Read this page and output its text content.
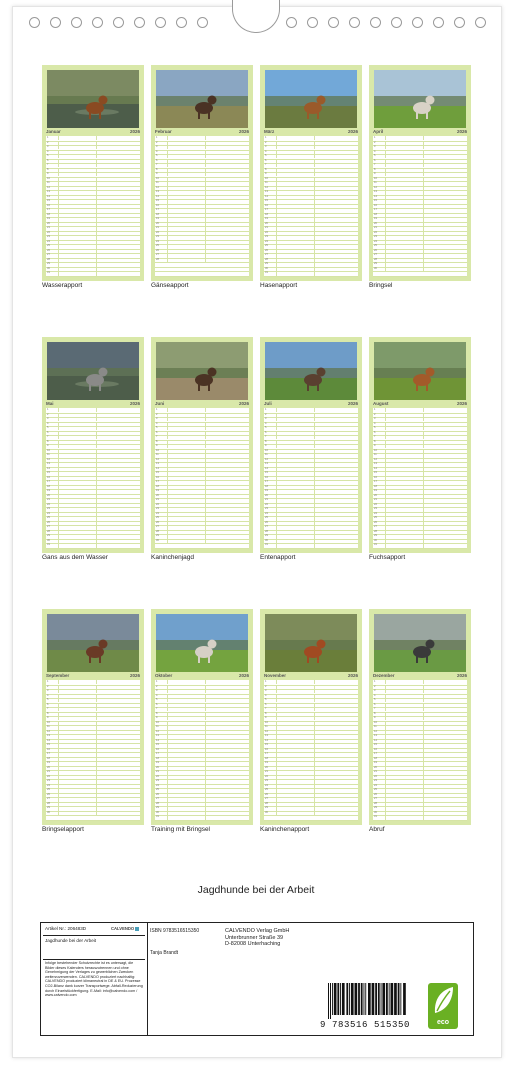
Januar	2026
1
2
3
4
5
6
7
8
9
10
11
12
13
14
15
16
17
18
19
20
21
22
23
24
25
26
27
28
29
30
31
Wasserapport
Februar	2026
1
2
3
4
5
6
7
8
9
10
11
12
13
14
15
16
17
18
19
20
21
22
23
24
25
26
27
28
Gänseapport
März	2026
1
2
3
4
5
6
7
8
9
10
11
12
13
14
15
16
17
18
19
20
21
22
23
24
25
26
27
28
29
30
31
Hasenapport
April	2026
1
2
3
4
5
6
7
8
9
10
11
12
13
14
15
16
17
18
19
20
21
22
23
24
25
26
27
28
29
30
Bringsel
Mai	2026
1
2
3
4
5
6
7
8
9
10
11
12
13
14
15
16
17
18
19
20
21
22
23
24
25
26
27
28
29
30
31
Gans aus dem Wasser
Juni	2026
1
2
3
4
5
6
7
8
9
10
11
12
13
14
15
16
17
18
19
20
21
22
23
24
25
26
27
28
29
30
Kaninchenjagd
Juli	2026
1
2
3
4
5
6
7
8
9
10
11
12
13
14
15
16
17
18
19
20
21
22
23
24
25
26
27
28
29
30
31
Entenapport
August	2026
1
2
3
4
5
6
7
8
9
10
11
12
13
14
15
16
17
18
19
20
21
22
23
24
25
26
27
28
29
30
31
Fuchsapport
September	2026
1
2
3
4
5
6
7
8
9
10
11
12
13
14
15
16
17
18
19
20
21
22
23
24
25
26
27
28
29
30
Bringselapport
Oktober	2026
1
2
3
4
5
6
7
8
9
10
11
12
13
14
15
16
17
18
19
20
21
22
23
24
25
26
27
28
29
30
31
Training mit Bringsel
November	2026
1
2
3
4
5
6
7
8
9
10
11
12
13
14
15
16
17
18
19
20
21
22
23
24
25
26
27
28
29
30
Kaninchenapport
Dezember	2026
1
2
3
4
5
6
7
8
9
10
11
12
13
14
15
16
17
18
19
20
21
22
23
24
25
26
27
28
29
30
31
Abruf
Jagdhunde bei der Arbeit
Artikel Nr.: 206483D	CALVENDO
Jagdhunde bei der Arbeit
Infolge bestehender Schutzrechte ist es untersagt, die Bilder dieses Kalenders herauszutrennen und ohne Genehmigung der Verlages zu gewerblichen Zwecken weiterzuverwenden. CALVENDO produziert nachhaltig: CALVENDO produziert klimaneutral in DE & EU. Prozesse CO2-Bilanz dank kurzer Transportwege. Abfall-Reduzierung durch Einzelstückfertigung. E-Mail: info@calvendo.com / www.calvendo.com
ISBN 9783516515350
Tanja Brandt
CALVENDO Verlag GmbH
Unterbrunner Straße 39
D-82008 Unterhaching
9 783516 515350	eco
